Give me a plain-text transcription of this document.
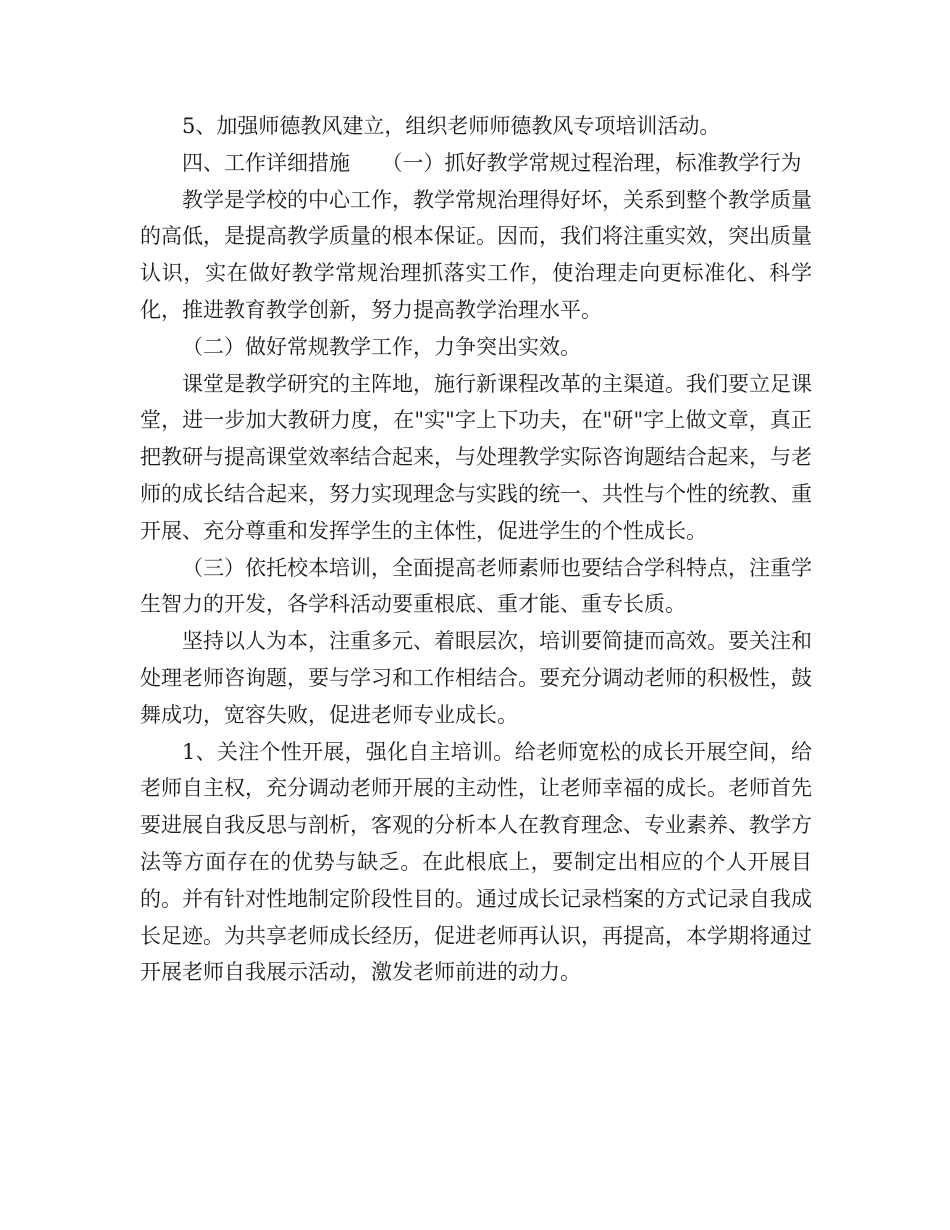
5、加强师德教风建立，组织老师师德教风专项培训活动。

四、工作详细措施　　（一）抓好教学常规过程治理，标准教学行为

教学是学校的中心工作，教学常规治理得好坏，关系到整个教学质量的高低，是提高教学质量的根本保证。因而，我们将注重实效，突出质量认识，实在做好教学常规治理抓落实工作，使治理走向更标准化、科学化，推进教育教学创新，努力提高教学治理水平。

（二）做好常规教学工作，力争突出实效。

课堂是教学研究的主阵地，施行新课程改革的主渠道。我们要立足课堂，进一步加大教研力度，在"实"字上下功夫，在"研"字上做文章，真正把教研与提高课堂效率结合起来，与处理教学实际咨询题结合起来，与老师的成长结合起来，努力实现理念与实践的统一、共性与个性的统教、重开展、充分尊重和发挥学生的主体性，促进学生的个性成长。

（三）依托校本培训，全面提高老师素师也要结合学科特点，注重学生智力的开发，各学科活动要重根底、重才能、重专长质。

坚持以人为本，注重多元、着眼层次，培训要简捷而高效。要关注和处理老师咨询题，要与学习和工作相结合。要充分调动老师的积极性，鼓舞成功，宽容失败，促进老师专业成长。

1、关注个性开展，强化自主培训。给老师宽松的成长开展空间，给老师自主权，充分调动老师开展的主动性，让老师幸福的成长。老师首先要进展自我反思与剖析，客观的分析本人在教育理念、专业素养、教学方法等方面存在的优势与缺乏。在此根底上，要制定出相应的个人开展目的。并有针对性地制定阶段性目的。通过成长记录档案的方式记录自我成长足迹。为共享老师成长经历，促进老师再认识，再提高，本学期将通过开展老师自我展示活动，激发老师前进的动力。
